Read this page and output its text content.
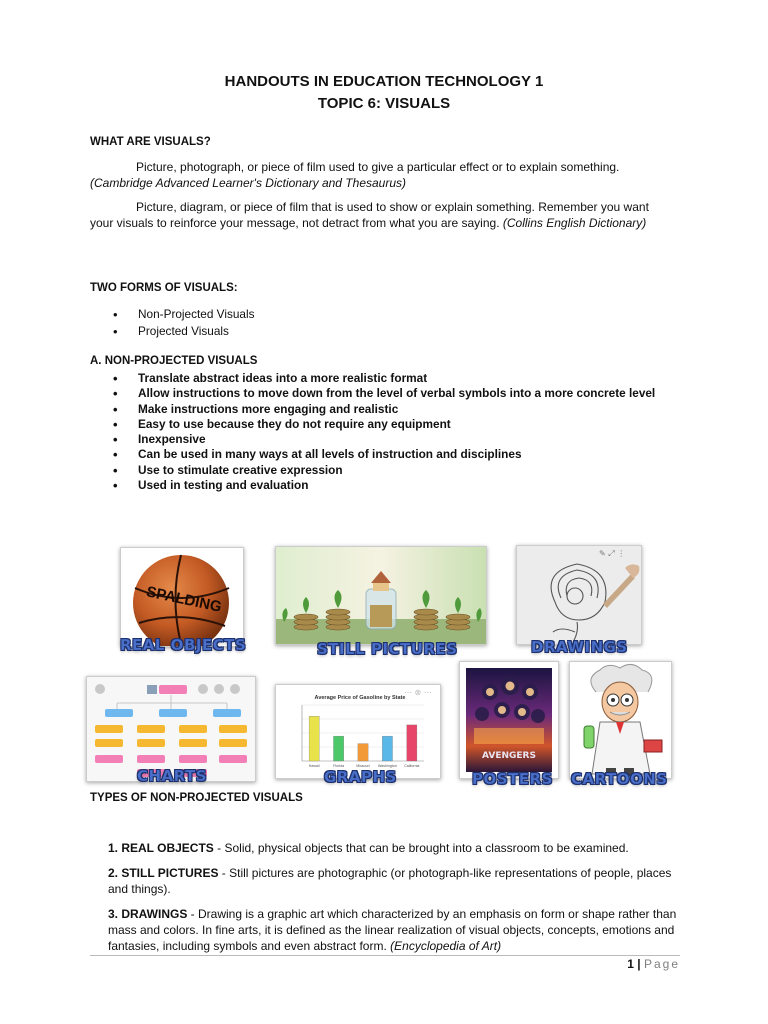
HANDOUTS IN EDUCATION TECHNOLOGY 1
TOPIC 6: VISUALS
WHAT ARE VISUALS?
Picture, photograph, or piece of film used to give a particular effect or to explain something.
(Cambridge Advanced Learner's Dictionary and Thesaurus)
Picture, diagram, or piece of film that is used to show or explain something. Remember you want your visuals to reinforce your message, not detract from what you are saying. (Collins English Dictionary)
TWO FORMS OF VISUALS:
• Non-Projected Visuals
• Projected Visuals
A. NON-PROJECTED VISUALS
• Translate abstract ideas into a more realistic format
• Allow instructions to move down from the level of verbal symbols into a more concrete level
• Make instructions more engaging and realistic
• Easy to use because they do not require any equipment
• Inexpensive
• Can be used in many ways at all levels of instruction and disciplines
• Use to stimulate creative expression
• Used in testing and evaluation
SPALDING
REAL OBJECTS	STILL PICTURES
✎ ⤢ ⋮
DRAWINGS
CHARTS
Average Price of Gasoline by State
Hawaii	Florida	Missouri Washington California
⋯ ⊗ ⋯
GRAPHS
AVENGERS
POSTERS CARTOONS
TYPES OF NON-PROJECTED VISUALS

1. REAL OBJECTS - Solid, physical objects that can be brought into a classroom to be examined.

2. STILL PICTURES - Still pictures are photographic (or photograph-like representations of people, places and things).

3. DRAWINGS - Drawing is a graphic art which characterized by an emphasis on form or shape rather than mass and colors. In fine arts, it is defined as the linear realization of visual objects, concepts, emotions and fantasies, including symbols and even abstract form. (Encyclopedia of Art)

1 | Page
